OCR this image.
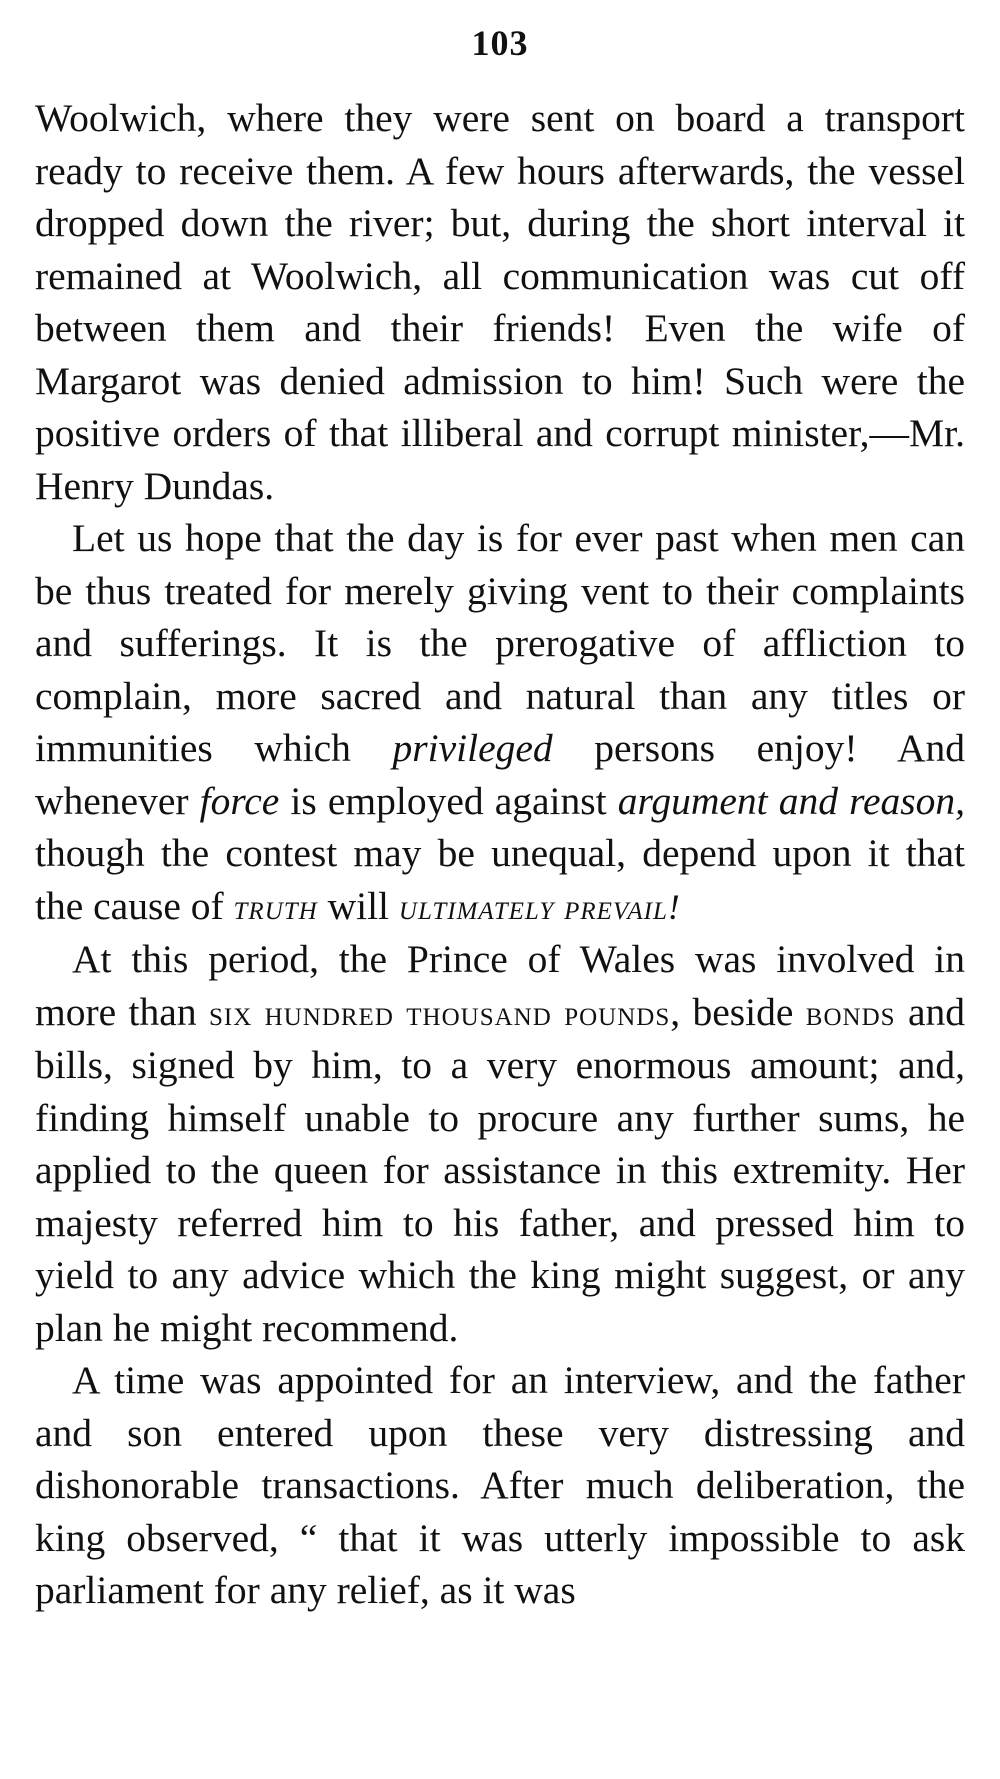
103

Woolwich, where they were sent on board a transport ready to receive them. A few hours afterwards, the vessel dropped down the river; but, during the short interval it remained at Woolwich, all communication was cut off between them and their friends! Even the wife of Margarot was denied admission to him! Such were the positive orders of that illiberal and corrupt minister,—Mr. Henry Dundas.

Let us hope that the day is for ever past when men can be thus treated for merely giving vent to their complaints and sufferings. It is the prerogative of affliction to complain, more sacred and natural than any titles or immunities which privileged persons enjoy! And whenever force is employed against argument and reason, though the contest may be unequal, depend upon it that the cause of truth will ultimately prevail!

At this period, the Prince of Wales was involved in more than six hundred thousand pounds, beside bonds and bills, signed by him, to a very enormous amount; and, finding himself unable to procure any further sums, he applied to the queen for assistance in this extremity. Her majesty referred him to his father, and pressed him to yield to any advice which the king might suggest, or any plan he might recommend.

A time was appointed for an interview, and the father and son entered upon these very distressing and dishonorable transactions. After much deliberation, the king observed, “ that it was utterly impossible to ask parliament for any relief, as it was
